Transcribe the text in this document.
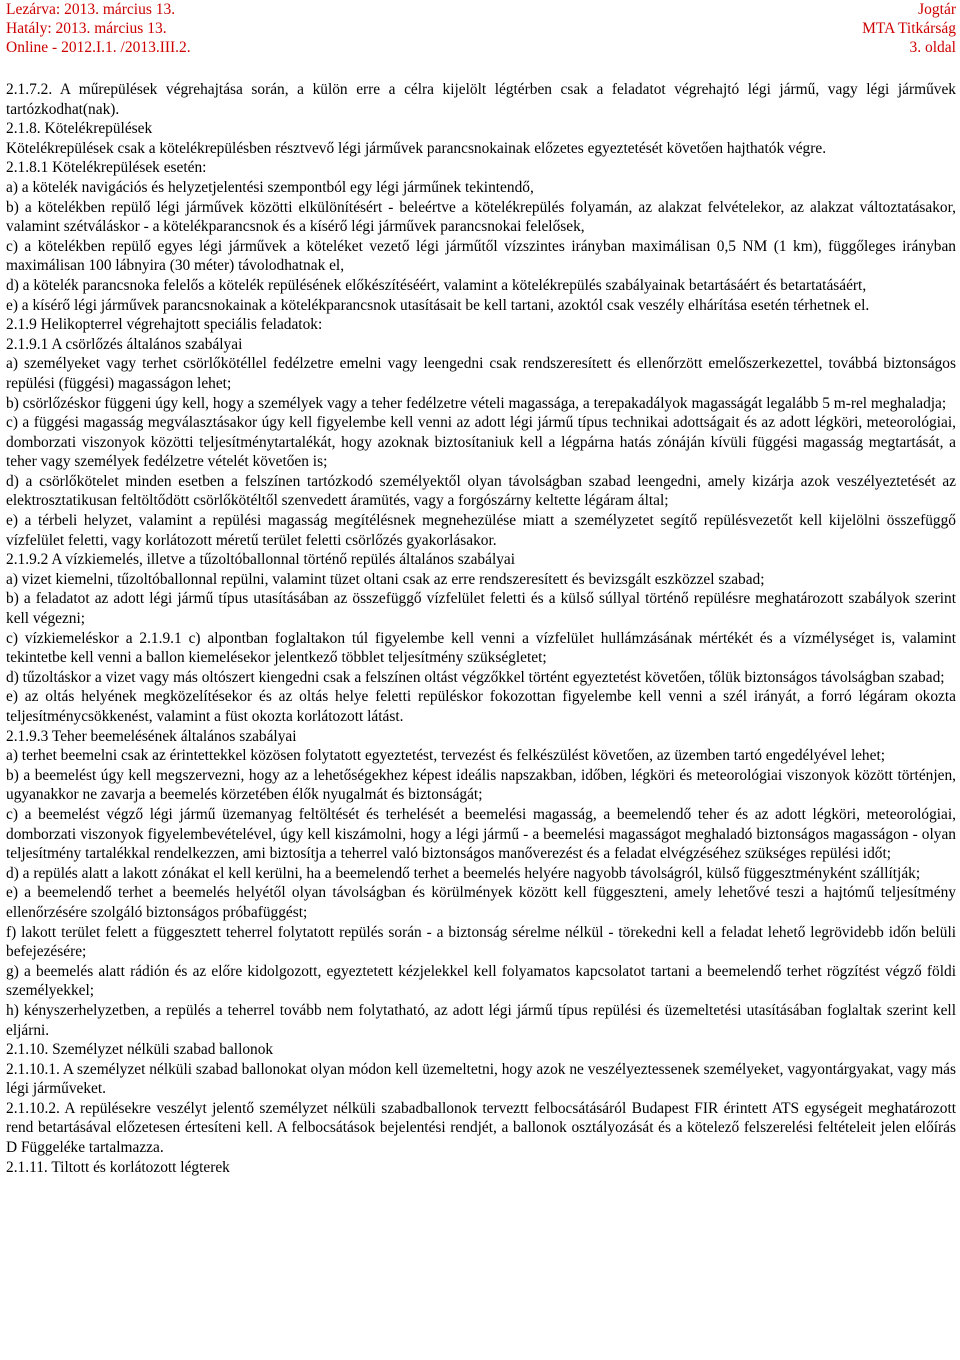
Lezárva: 2013. március 13.
Hatály: 2013. március 13.
Online - 2012.I.1. /2013.III.2.
Jogtár
MTA Titkárság
3. oldal

2.1.7.2. A műrepülések végrehajtása során, a külön erre a célra kijelölt légtérben csak a feladatot végrehajtó légi jármű, vagy légi járművek tartózkodhat(nak).

2.1.8. Kötelékrepülések

Kötelékrepülések csak a kötelékrepülésben résztvevő légi járművek parancsnokainak előzetes egyeztetését követően hajthatók végre.

2.1.8.1 Kötelékrepülések esetén:

a) a kötelék navigációs és helyzetjelentési szempontból egy légi járműnek tekintendő,

b) a kötelékben repülő légi járművek közötti elkülönítésért - beleértve a kötelékrepülés folyamán, az alakzat felvételekor, az alakzat változtatásakor, valamint szétváláskor - a kötelékparancsnok és a kísérő légi járművek parancsnokai felelősek,

c) a kötelékben repülő egyes légi járművek a köteléket vezető légi járműtől vízszintes irányban maximálisan 0,5 NM (1 km), függőleges irányban maximálisan 100 lábnyira (30 méter) távolodhatnak el,

d) a kötelék parancsnoka felelős a kötelék repülésének előkészítéséért, valamint a kötelékrepülés szabályainak betartásáért és betartatásáért,

e) a kísérő légi járművek parancsnokainak a kötelékparancsnok utasításait be kell tartani, azoktól csak veszély elhárítása esetén térhetnek el.

2.1.9 Helikopterrel végrehajtott speciális feladatok:

2.1.9.1 A csörlőzés általános szabályai

a) személyeket vagy terhet csörlőkötéllel fedélzetre emelni vagy leengedni csak rendszeresített és ellenőrzött emelőszerkezettel, továbbá biztonságos repülési (függési) magasságon lehet;

b) csörlőzéskor függeni úgy kell, hogy a személyek vagy a teher fedélzetre vételi magassága, a terepakadályok magasságát legalább 5 m-rel meghaladja;

c) a függési magasság megválasztásakor úgy kell figyelembe kell venni az adott légi jármű típus technikai adottságait és az adott légköri, meteorológiai, domborzati viszonyok közötti teljesítménytartalékát, hogy azoknak biztosítaniuk kell a légpárna hatás zónáján kívüli függési magasság megtartását, a teher vagy személyek fedélzetre vételét követően is;

d) a csörlőkötelet minden esetben a felszínen tartózkodó személyektől olyan távolságban szabad leengedni, amely kizárja azok veszélyeztetését az elektrosztatikusan feltöltődött csörlőkötéltől szenvedett áramütés, vagy a forgószárny keltette légáram által;

e) a térbeli helyzet, valamint a repülési magasság megítélésnek megnehezülése miatt a személyzetet segítő repülésvezetőt kell kijelölni összefüggő vízfelület feletti, vagy korlátozott méretű terület feletti csörlőzés gyakorlásakor.

2.1.9.2 A vízkiemelés, illetve a tűzoltóballonnal történő repülés általános szabályai

a) vizet kiemelni, tűzoltóballonnal repülni, valamint tüzet oltani csak az erre rendszeresített és bevizsgált eszközzel szabad;

b) a feladatot az adott légi jármű típus utasításában az összefüggő vízfelület feletti és a külső súllyal történő repülésre meghatározott szabályok szerint kell végezni;

c) vízkiemeléskor a 2.1.9.1 c) alpontban foglaltakon túl figyelembe kell venni a vízfelület hullámzásának mértékét és a vízmélységet is, valamint tekintetbe kell venni a ballon kiemelésekor jelentkező többlet teljesítmény szükségletet;

d) tűzoltáskor a vizet vagy más oltószert kiengedni csak a felszínen oltást végzőkkel történt egyeztetést követően, tőlük biztonságos távolságban szabad;

e) az oltás helyének megközelítésekor és az oltás helye feletti repüléskor fokozottan figyelembe kell venni a szél irányát, a forró légáram okozta teljesítménycsökkenést, valamint a füst okozta korlátozott látást.

2.1.9.3 Teher beemelésének általános szabályai

a) terhet beemelni csak az érintettekkel közösen folytatott egyeztetést, tervezést és felkészülést követően, az üzemben tartó engedélyével lehet;

b) a beemelést úgy kell megszervezni, hogy az a lehetőségekhez képest ideális napszakban, időben, légköri és meteorológiai viszonyok között történjen, ugyanakkor ne zavarja a beemelés körzetében élők nyugalmát és biztonságát;

c) a beemelést végző légi jármű üzemanyag feltöltését és terhelését a beemelési magasság, a beemelendő teher és az adott légköri, meteorológiai, domborzati viszonyok figyelembevételével, úgy kell kiszámolni, hogy a légi jármű - a beemelési magasságot meghaladó biztonságos magasságon - olyan teljesítmény tartalékkal rendelkezzen, ami biztosítja a teherrel való biztonságos manőverezést és a feladat elvégzéséhez szükséges repülési időt;

d) a repülés alatt a lakott zónákat el kell kerülni, ha a beemelendő terhet a beemelés helyére nagyobb távolságról, külső függesztményként szállítják;

e) a beemelendő terhet a beemelés helyétől olyan távolságban és körülmények között kell függeszteni, amely lehetővé teszi a hajtómű teljesítmény ellenőrzésére szolgáló biztonságos próbafüggést;

f) lakott terület felett a függesztett teherrel folytatott repülés során - a biztonság sérelme nélkül - törekedni kell a feladat lehető legrövidebb időn belüli befejezésére;

g) a beemelés alatt rádión és az előre kidolgozott, egyeztetett kézjelekkel kell folyamatos kapcsolatot tartani a beemelendő terhet rögzítést végző földi személyekkel;

h) kényszerhelyzetben, a repülés a teherrel tovább nem folytatható, az adott légi jármű típus repülési és üzemeltetési utasításában foglaltak szerint kell eljárni.

2.1.10. Személyzet nélküli szabad ballonok

2.1.10.1. A személyzet nélküli szabad ballonokat olyan módon kell üzemeltetni, hogy azok ne veszélyeztessenek személyeket, vagyontárgyakat, vagy más légi járműveket.

2.1.10.2. A repülésekre veszélyt jelentő személyzet nélküli szabadballonok terveztt felbocsátásáról Budapest FIR érintett ATS egységeit meghatározott rend betartásával előzetesen értesíteni kell. A felbocsátások bejelentési rendjét, a ballonok osztályozását és a kötelező felszerelési feltételeit jelen előírás D Függeléke tartalmazza.

2.1.11. Tiltott és korlátozott légterek
